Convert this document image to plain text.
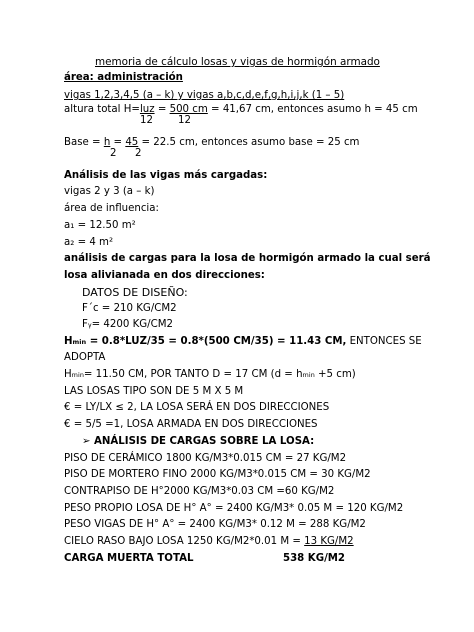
memoria de cálculo losas y vigas de hormigón armado
área: administración
vigas 1,2,3,4,5 (a – k) y vigas a,b,c,d,e,f,g,h,i,j,k (1 – 5)
altura total H=luz = 500 cm = 41,67 cm, entonces asumo h = 45 cm
12 12
Base = h = 45 = 22.5 cm, entonces asumo base = 25 cm
2 2
Análisis de las vigas más cargadas:
vigas 2 y 3 (a – k)
área de influencia:
a₁ = 12.50 m²
a₂ = 4 m²
análisis de cargas para la losa de hormigón armado la cual será
losa alivianada en dos direcciones:
DATOS DE DISEÑO:
F´c = 210 KG/CM2
Fᵧ= 4200 KG/CM2
Hₘᵢₙ = 0.8*LUZ/35 = 0.8*(500 CM/35) = 11.43 CM, ENTONCES SE
ADOPTA
Hₘᵢₙ= 11.50 CM, POR TANTO D = 17 CM (d = hₘᵢₙ +5 cm)
LAS LOSAS TIPO SON DE 5 M X 5 M
€ = LY/LX ≤ 2, LA LOSA SERÁ EN DOS DIRECCIONES
€ = 5/5 =1, LOSA ARMADA EN DOS DIRECCIONES
➢ ANÁLISIS DE CARGAS SOBRE LA LOSA:
PISO DE CERÁMICO 1800 KG/M3*0.015 CM = 27 KG/M2
PISO DE MORTERO FINO 2000 KG/M3*0.015 CM = 30 KG/M2
CONTRAPISO DE H°2000 KG/M3*0.03 CM =60 KG/M2
PESO PROPIO LOSA DE H° A° = 2400 KG/M3* 0.05 M = 120 KG/M2
PESO VIGAS DE H° A° = 2400 KG/M3* 0.12 M = 288 KG/M2
CIELO RASO BAJO LOSA 1250 KG/M2*0.01 M = 13 KG/M2
CARGA MUERTA TOTAL	538 KG/M2
